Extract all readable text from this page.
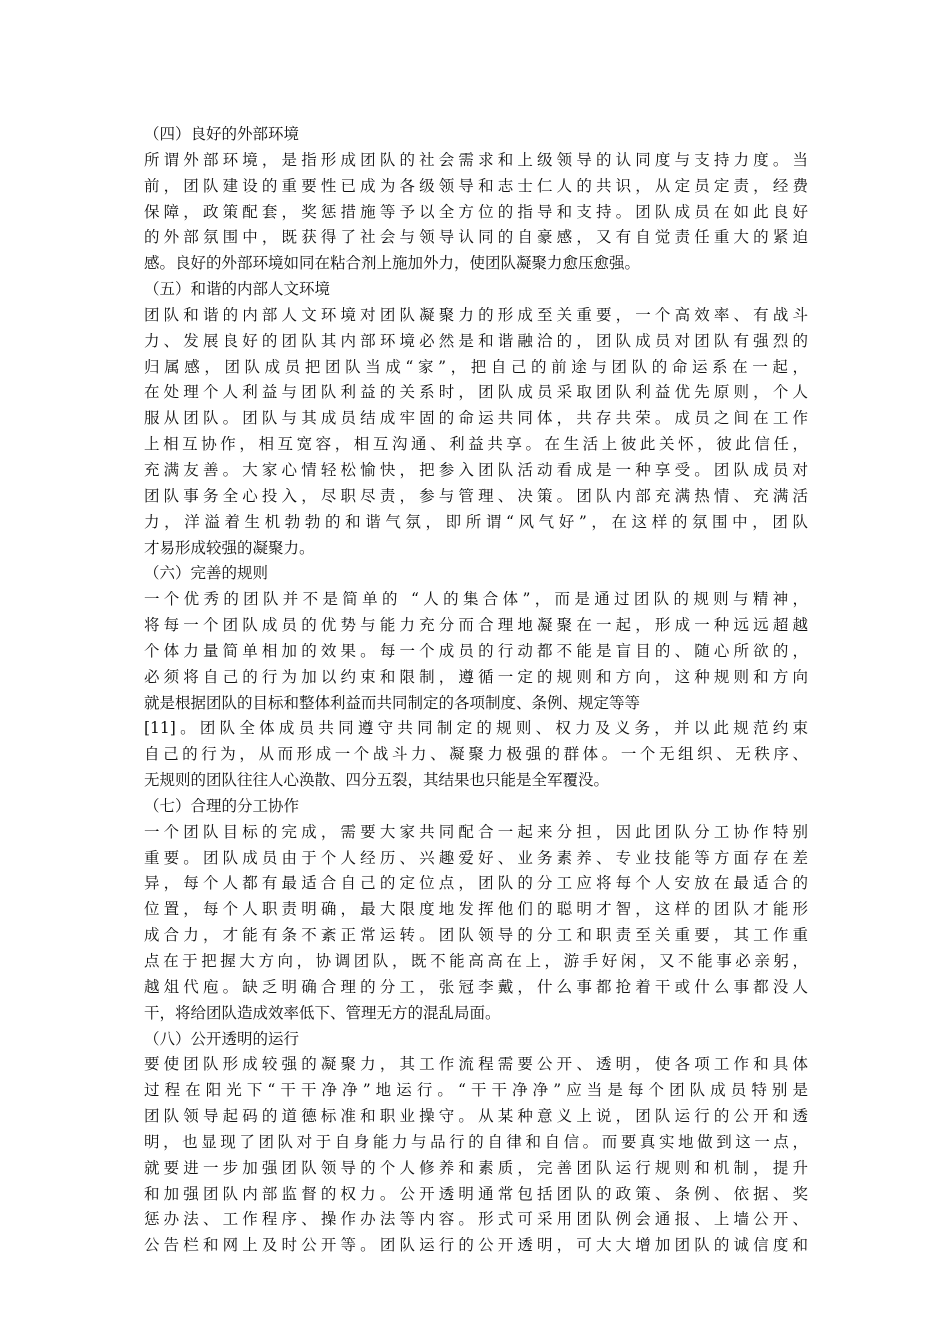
（四）良好的外部环境
所谓外部环境，是指形成团队的社会需求和上级领导的认同度与支持力度。当
前，团队建设的重要性已成为各级领导和志士仁人的共识，从定员定责，经费
保障，政策配套，奖惩措施等予以全方位的指导和支持。团队成员在如此良好
的外部氛围中，既获得了社会与领导认同的自豪感，又有自觉责任重大的紧迫
感。良好的外部环境如同在粘合剂上施加外力，使团队凝聚力愈压愈强。
（五）和谐的内部人文环境
团队和谐的内部人文环境对团队凝聚力的形成至关重要，一个高效率、有战斗
力、发展良好的团队其内部环境必然是和谐融洽的，团队成员对团队有强烈的
归属感，团队成员把团队当成“家”，把自己的前途与团队的命运系在一起，
在处理个人利益与团队利益的关系时，团队成员采取团队利益优先原则，个人
服从团队。团队与其成员结成牢固的命运共同体，共存共荣。成员之间在工作
上相互协作，相互宽容，相互沟通、利益共享。在生活上彼此关怀，彼此信任，
充满友善。大家心情轻松愉快，把参入团队活动看成是一种享受。团队成员对
团队事务全心投入，尽职尽责，参与管理、决策。团队内部充满热情、充满活
力，洋溢着生机勃勃的和谐气氛，即所谓“风气好”，在这样的氛围中，团队
才易形成较强的凝聚力。
（六）完善的规则
一个优秀的团队并不是简单的 “人的集合体”，而是通过团队的规则与精神，
将每一个团队成员的优势与能力充分而合理地凝聚在一起，形成一种远远超越
个体力量简单相加的效果。每一个成员的行动都不能是盲目的、随心所欲的，
必须将自己的行为加以约束和限制，遵循一定的规则和方向，这种规则和方向
就是根据团队的目标和整体利益而共同制定的各项制度、条例、规定等等
[11]。团队全体成员共同遵守共同制定的规则、权力及义务，并以此规范约束
自己的行为，从而形成一个战斗力、凝聚力极强的群体。一个无组织、无秩序、
无规则的团队往往人心涣散、四分五裂，其结果也只能是全军覆没。
（七）合理的分工协作
一个团队目标的完成，需要大家共同配合一起来分担，因此团队分工协作特别
重要。团队成员由于个人经历、兴趣爱好、业务素养、专业技能等方面存在差
异，每个人都有最适合自己的定位点，团队的分工应将每个人安放在最适合的
位置，每个人职责明确，最大限度地发挥他们的聪明才智，这样的团队才能形
成合力，才能有条不紊正常运转。团队领导的分工和职责至关重要，其工作重
点在于把握大方向，协调团队，既不能高高在上，游手好闲，又不能事必亲躬，
越俎代庖。缺乏明确合理的分工，张冠李戴，什么事都抢着干或什么事都没人
干，将给团队造成效率低下、管理无方的混乱局面。
（八）公开透明的运行
要使团队形成较强的凝聚力，其工作流程需要公开、透明，使各项工作和具体
过程在阳光下“干干净净”地运行。“干干净净”应当是每个团队成员特别是
团队领导起码的道德标准和职业操守。从某种意义上说，团队运行的公开和透
明，也显现了团队对于自身能力与品行的自律和自信。而要真实地做到这一点，
就要进一步加强团队领导的个人修养和素质，完善团队运行规则和机制，提升
和加强团队内部监督的权力。公开透明通常包括团队的政策、条例、依据、奖
惩办法、工作程序、操作办法等内容。形式可采用团队例会通报、上墙公开、
公告栏和网上及时公开等。团队运行的公开透明，可大大增加团队的诚信度和
